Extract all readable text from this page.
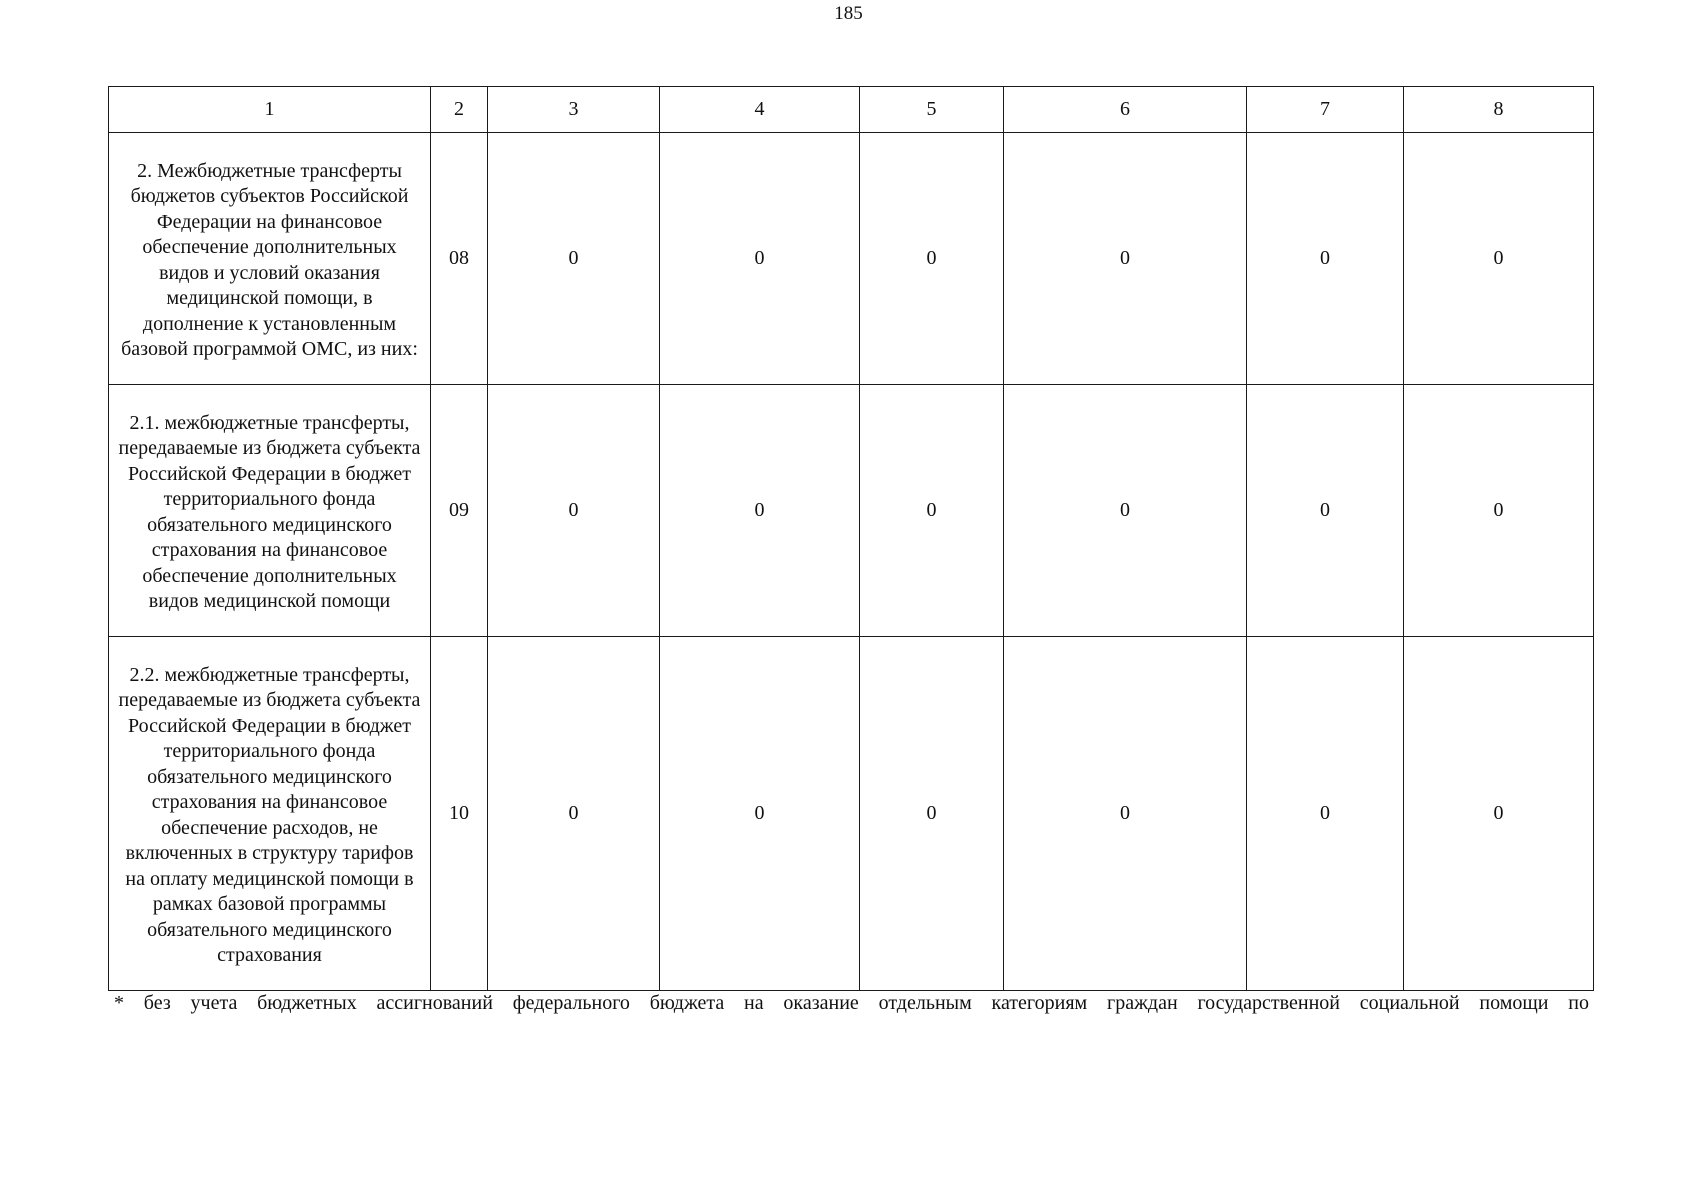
185
1	2	3	4	5	6	7	8
2. Межбюджетные трансферты бюджетов субъектов Российской Федерации на финансовое обеспечение дополнительных видов и условий оказания медицинской помощи, в дополнение к установленным базовой программой ОМС, из них:	08	0	0	0	0	0	0
2.1. межбюджетные трансферты, передаваемые из бюджета субъекта Российской Федерации в бюджет территориального фонда обязательного медицинского страхования на финансовое обеспечение дополнительных видов медицинской помощи	09	0	0	0	0	0	0
2.2. межбюджетные трансферты, передаваемые из бюджета субъекта Российской Федерации в бюджет территориального фонда обязательного медицинского страхования на финансовое обеспечение расходов, не включенных в структуру тарифов на оплату медицинской помощи в рамках базовой программы обязательного медицинского страхования	10	0	0	0	0	0	0
* без учета бюджетных ассигнований федерального бюджета на оказание отдельным категориям граждан государственной социальной помощи по
